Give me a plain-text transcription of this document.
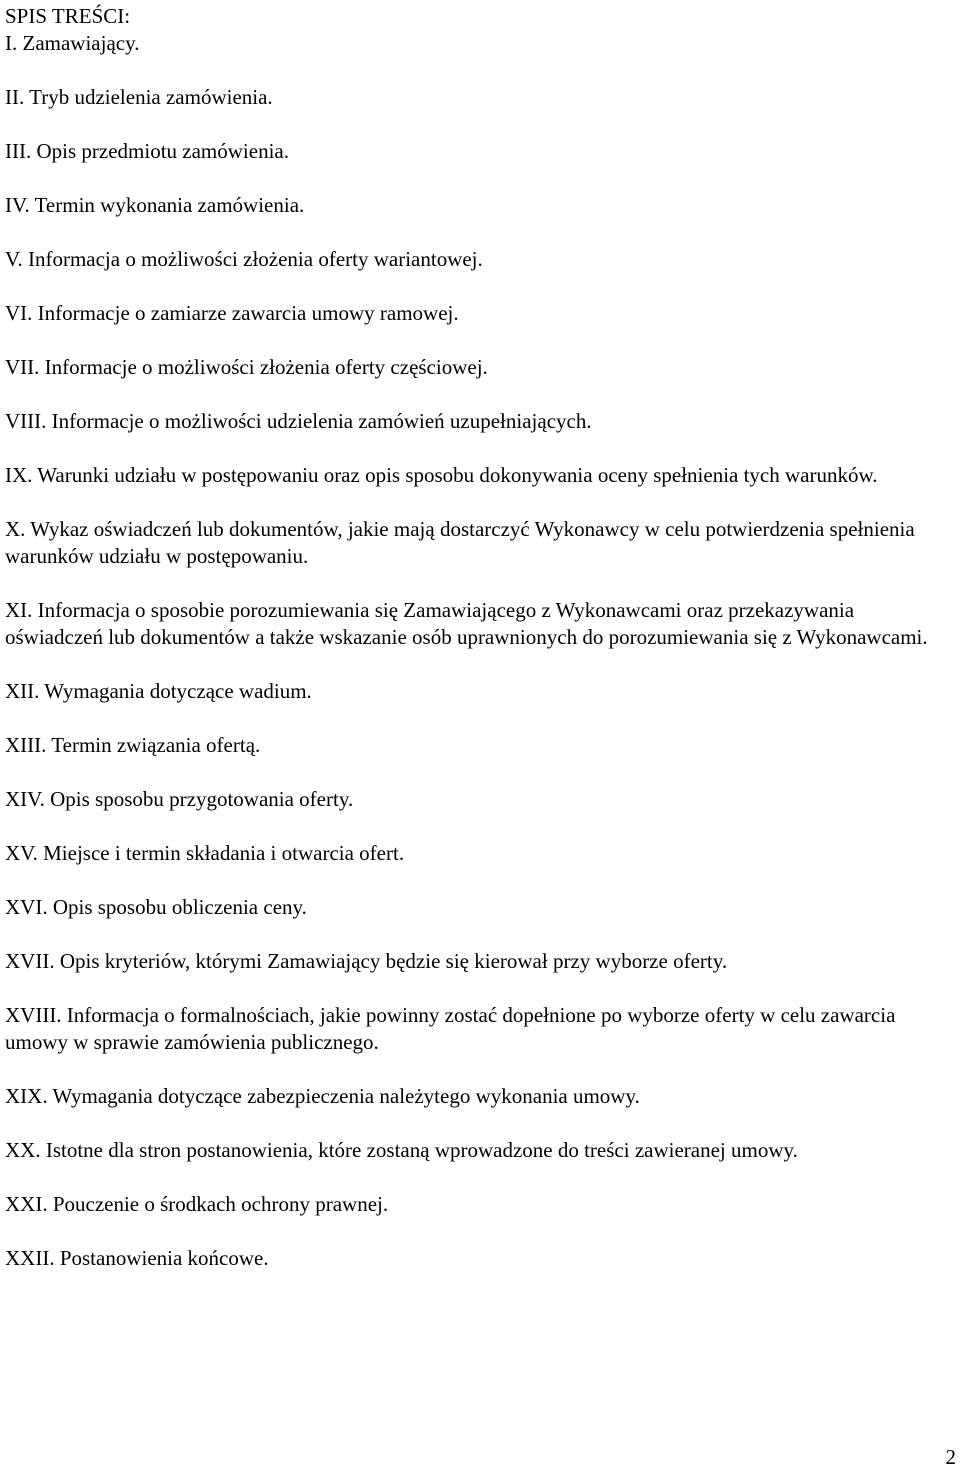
SPIS TREŚCI:
I. Zamawiający.
II. Tryb udzielenia zamówienia.
III. Opis przedmiotu zamówienia.
IV. Termin wykonania zamówienia.
V. Informacja o możliwości złożenia oferty wariantowej.
VI. Informacje o zamiarze zawarcia umowy ramowej.
VII. Informacje o możliwości złożenia oferty częściowej.
VIII. Informacje o możliwości udzielenia zamówień uzupełniających.
IX. Warunki udziału w postępowaniu oraz opis sposobu dokonywania oceny spełnienia tych warunków.
X. Wykaz oświadczeń lub dokumentów, jakie mają dostarczyć Wykonawcy w celu potwierdzenia spełnienia warunków udziału w postępowaniu.
XI. Informacja o sposobie porozumiewania się Zamawiającego z Wykonawcami oraz przekazywania oświadczeń lub dokumentów a także wskazanie osób uprawnionych do porozumiewania się z Wykonawcami.
XII. Wymagania dotyczące wadium.
XIII. Termin związania ofertą.
XIV. Opis sposobu przygotowania oferty.
XV. Miejsce i termin składania i otwarcia ofert.
XVI. Opis sposobu obliczenia ceny.
XVII. Opis kryteriów, którymi Zamawiający będzie się kierował przy wyborze oferty.
XVIII. Informacja o formalnościach, jakie powinny zostać dopełnione po wyborze oferty w celu zawarcia umowy w sprawie zamówienia publicznego.
XIX. Wymagania dotyczące zabezpieczenia należytego wykonania umowy.
XX. Istotne dla stron postanowienia, które zostaną wprowadzone do treści zawieranej umowy.
XXI. Pouczenie o środkach ochrony prawnej.
XXII. Postanowienia końcowe.
2
